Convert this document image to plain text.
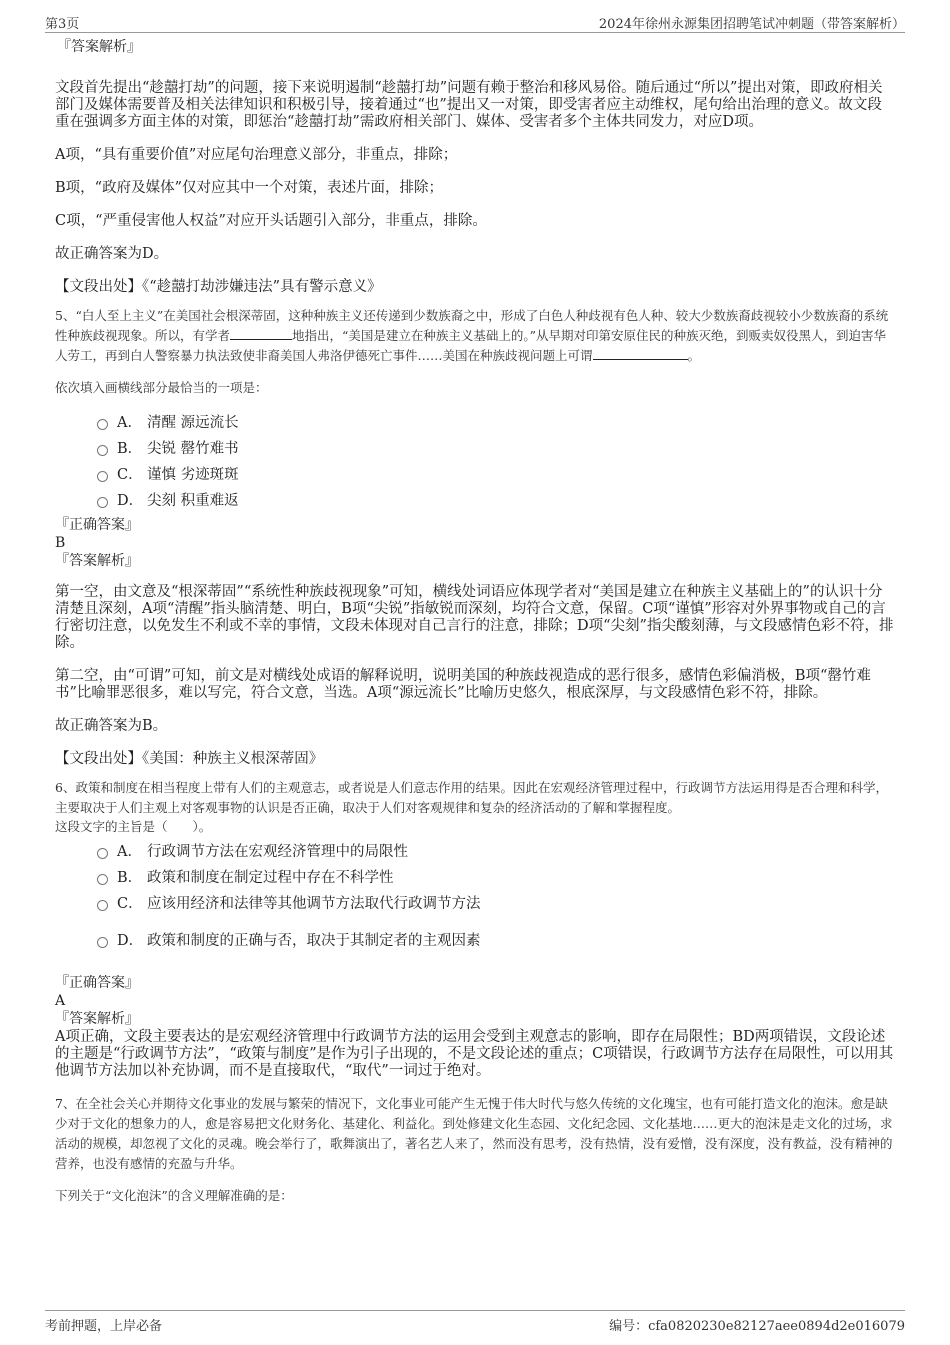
第3页	2024年徐州永源集团招聘笔试冲刺题（带答案解析）

『答案解析』

文段首先提出“趁囍打劫”的问题，接下来说明遏制“趁囍打劫”问题有赖于整治和移风易俗。随后通过“所以”提出对策，即政府相关部门及媒体需要普及相关法律知识和积极引导，接着通过“也”提出又一对策，即受害者应主动维权，尾句给出治理的意义。故文段重在强调多方面主体的对策，即惩治“趁囍打劫”需政府相关部门、媒体、受害者多个主体共同发力，对应D项。

A项，“具有重要价值”对应尾句治理意义部分，非重点，排除；

B项，“政府及媒体”仅对应其中一个对策，表述片面，排除；

C项，“严重侵害他人权益”对应开头话题引入部分，非重点，排除。

故正确答案为D。

【文段出处】《“趁囍打劫涉嫌违法”具有警示意义》

5、“白人至上主义”在美国社会根深蒂固，这种种族主义还传递到少数族裔之中，形成了白色人种歧视有色人种、较大少数族裔歧视较小少数族裔的系统性种族歧视现象。所以，有学者	地指出，“美国是建立在种族主义基础上的。”从早期对印第安原住民的种族灭绝，到贩卖奴役黑人，到迫害华人劳工，再到白人警察暴力执法致使非裔美国人弗洛伊德死亡事件……美国在种族歧视问题上可谓	。

依次填入画横线部分最恰当的一项是：

A． 清醒 源远流长
B． 尖锐 罄竹难书
C． 谨慎 劣迹斑斑
D． 尖刻 积重难返

『正确答案』

B

『答案解析』

第一空，由文意及“根深蒂固”“系统性种族歧视现象”可知，横线处词语应体现学者对“美国是建立在种族主义基础上的”的认识十分清楚且深刻，A项“清醒”指头脑清楚、明白，B项“尖锐”指敏锐而深刻，均符合文意，保留。C项“谨慎”形容对外界事物或自己的言行密切注意，以免发生不利或不幸的事情，文段未体现对自己言行的注意，排除；D项“尖刻”指尖酸刻薄，与文段感情色彩不符，排除。

第二空，由“可谓”可知，前文是对横线处成语的解释说明，说明美国的种族歧视造成的恶行很多，感情色彩偏消极，B项“罄竹难书”比喻罪恶很多，难以写完，符合文意，当选。A项“源远流长”比喻历史悠久，根底深厚，与文段感情色彩不符，排除。

故正确答案为B。

【文段出处】《美国：种族主义根深蒂固》

6、政策和制度在相当程度上带有人们的主观意志，或者说是人们意志作用的结果。因此在宏观经济管理过程中，行政调节方法运用得是否合理和科学，主要取决于人们主观上对客观事物的认识是否正确，取决于人们对客观规律和复杂的经济活动的了解和掌握程度。

这段文字的主旨是（　　）。

A． 行政调节方法在宏观经济管理中的局限性
B． 政策和制度在制定过程中存在不科学性
C． 应该用经济和法律等其他调节方法取代行政调节方法
D． 政策和制度的正确与否，取决于其制定者的主观因素

『正确答案』

A

『答案解析』

A项正确，文段主要表达的是宏观经济管理中行政调节方法的运用会受到主观意志的影响，即存在局限性；BD两项错误，文段论述的主题是“行政调节方法”，“政策与制度”是作为引子出现的，不是文段论述的重点；C项错误，行政调节方法存在局限性，可以用其他调节方法加以补充协调，而不是直接取代，“取代”一词过于绝对。

7、在全社会关心并期待文化事业的发展与繁荣的情况下，文化事业可能产生无愧于伟大时代与悠久传统的文化瑰宝，也有可能打造文化的泡沫。愈是缺少对于文化的想象力的人，愈是容易把文化财务化、基建化、利益化。到处修建文化生态园、文化纪念园、文化基地……更大的泡沫是走文化的过场，求活动的规模，却忽视了文化的灵魂。晚会举行了，歌舞演出了，著名艺人来了，然而没有思考，没有热情，没有爱憎，没有深度，没有教益，没有精神的营养，也没有感情的充盈与升华。

下列关于“文化泡沫”的含义理解准确的是：

考前押题，上岸必备	编号：cfa0820230e82127aee0894d2e016079
